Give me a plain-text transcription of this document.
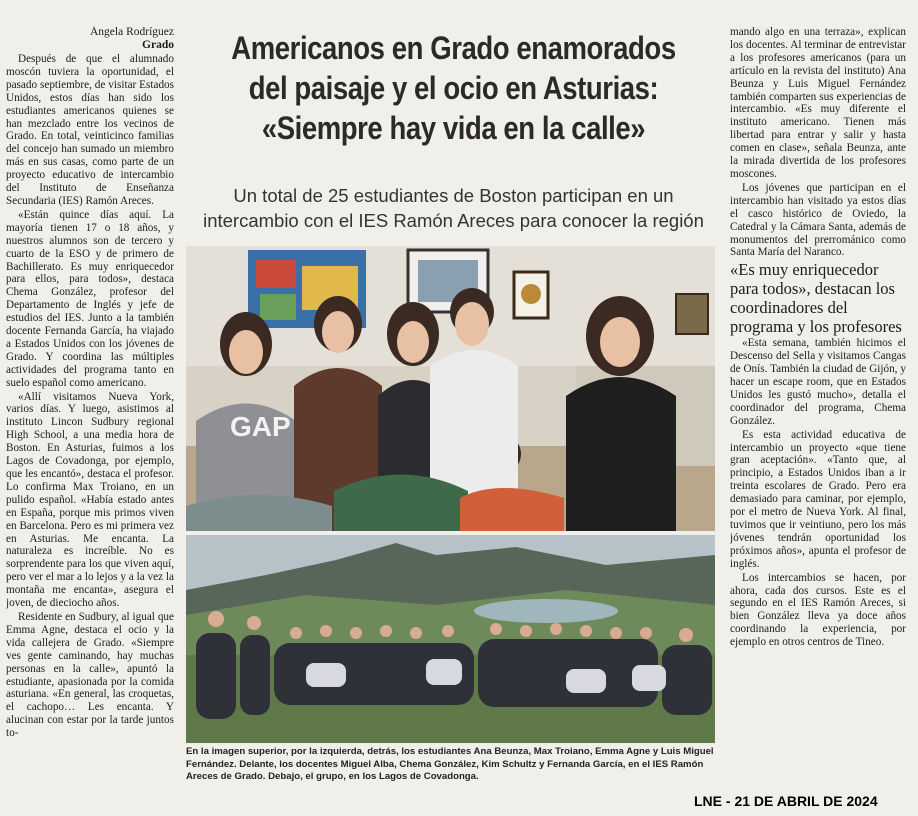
Ángela Rodríguez
Grado

Después de que el alumnado moscón tuviera la oportunidad, el pasado septiembre, de visitar Estados Unidos, estos días han sido los estudiantes americanos quienes se han mezclado entre los vecinos de Grado. En total, veinticinco familias del concejo han sumado un miembro más en sus casas, como parte de un proyecto educativo de intercambio del Instituto de Enseñanza Secundaria (IES) Ramón Areces.

«Están quince días aquí. La mayoría tienen 17 o 18 años, y nuestros alumnos son de tercero y cuarto de la ESO y de primero de Bachillerato. Es muy enriquecedor para ellos, para todos», destaca Chema González, profesor del Departamento de Inglés y jefe de estudios del IES. Junto a la también docente Fernanda García, ha viajado a Estados Unidos con los jóvenes de Grado. Y coordina las múltiples actividades del programa tanto en suelo español como americano.

«Allí visitamos Nueva York, varios días. Y luego, asistimos al instituto Lincon Sudbury regional High School, a una media hora de Boston. En Asturias, fuimos a los Lagos de Covadonga, por ejemplo, que les encantó», destaca el profesor. Lo confirma Max Troiano, en un pulido español. «Había estado antes en España, porque mis primos viven en Barcelona. Pero es mi primera vez en Asturias. Me encanta. La naturaleza es increíble. No es sorprendente para los que viven aquí, pero ver el mar a lo lejos y a la vez la montaña me encanta», asegura el joven, de dieciocho años.

Residente en Sudbury, al igual que Emma Agne, destaca el ocio y la vida callejera de Grado. «Siempre ves gente caminando, hay muchas personas en la calle», apuntó la estudiante, apasionada por la comida asturiana. «En general, las croquetas, el cachopo… Les encanta. Y alucinan con estar por la tarde juntos to-

Americanos en Grado enamorados del paisaje y el ocio en Asturias: «Siempre hay vida en la calle»
Un total de 25 estudiantes de Boston participan en un intercambio con el IES Ramón Areces para conocer la región
GAP
En la imagen superior, por la izquierda, detrás, los estudiantes Ana Beunza, Max Troiano, Emma Agne y Luis Miguel Fernández. Delante, los docentes Miguel Alba, Chema González, Kim Schultz y Fernanda García, en el IES Ramón Areces de Grado. Debajo, el grupo, en los Lagos de Covadonga.

mando algo en una terraza», explican los docentes. Al terminar de entrevistar a los profesores americanos (para un artículo en la revista del instituto) Ana Beunza y Luis Miguel Fernández también comparten sus experiencias de intercambio. «Es muy diferente el instituto americano. Tienen más libertad para entrar y salir y hasta comen en clase», señala Beunza, ante la mirada divertida de los profesores moscones.

Los jóvenes que participan en el intercambio han visitado ya estos días el casco histórico de Oviedo, la Catedral y la Cámara Santa, además de monumentos del prerrománico como Santa María del Naranco.

«Es muy enriquecedor para todos», destacan los coordinadores del programa y los profesores

«Esta semana, también hicimos el Descenso del Sella y visitamos Cangas de Onís. También la ciudad de Gijón, y hacer un escape room, que en Estados Unidos les gustó mucho», detalla el coordinador del programa, Chema González.

Es esta actividad educativa de intercambio un proyecto «que tiene gran aceptación». «Tanto que, al principio, a Estados Unidos iban a ir treinta escolares de Grado. Pero era demasiado para caminar, por ejemplo, por el metro de Nueva York. Al final, tuvimos que ir veintiuno, pero los más jóvenes tendrán oportunidad los próximos años», apunta el profesor de inglés.

Los intercambios se hacen, por ahora, cada dos cursos. Este es el segundo en el IES Ramón Areces, si bien González lleva ya doce años coordinando la experiencia, por ejemplo en otros centros de Tineo.

LNE - 21 DE ABRIL DE 2024
